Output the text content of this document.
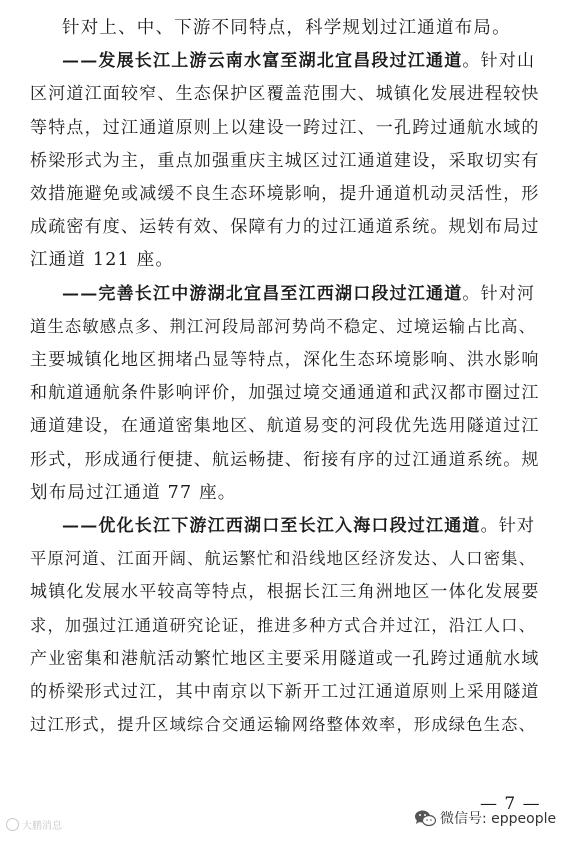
针对上、中、下游不同特点，科学规划过江通道布局。
——发展长江上游云南水富至湖北宜昌段过江通道。针对山
区河道江面较窄、生态保护区覆盖范围大、城镇化发展进程较快
等特点，过江通道原则上以建设一跨过江、一孔跨过通航水域的
桥梁形式为主，重点加强重庆主城区过江通道建设，采取切实有
效措施避免或减缓不良生态环境影响，提升通道机动灵活性，形
成疏密有度、运转有效、保障有力的过江通道系统。规划布局过
江通道 121 座。
——完善长江中游湖北宜昌至江西湖口段过江通道。针对河
道生态敏感点多、荆江河段局部河势尚不稳定、过境运输占比高、
主要城镇化地区拥堵凸显等特点，深化生态环境影响、洪水影响
和航道通航条件影响评价，加强过境交通通道和武汉都市圈过江
通道建设，在通道密集地区、航道易变的河段优先选用隧道过江
形式，形成通行便捷、航运畅捷、衔接有序的过江通道系统。规
划布局过江通道 77 座。
——优化长江下游江西湖口至长江入海口段过江通道。针对
平原河道、江面开阔、航运繁忙和沿线地区经济发达、人口密集、
城镇化发展水平较高等特点，根据长江三角洲地区一体化发展要
求，加强过江通道研究论证，推进多种方式合并过江，沿江人口、
产业密集和港航活动繁忙地区主要采用隧道或一孔跨过通航水域
的桥梁形式过江，其中南京以下新开工过江通道原则上采用隧道
过江形式，提升区域综合交通运输网络整体效率，形成绿色生态、
— 7 —
大鹏消息	微信号: eppeople
